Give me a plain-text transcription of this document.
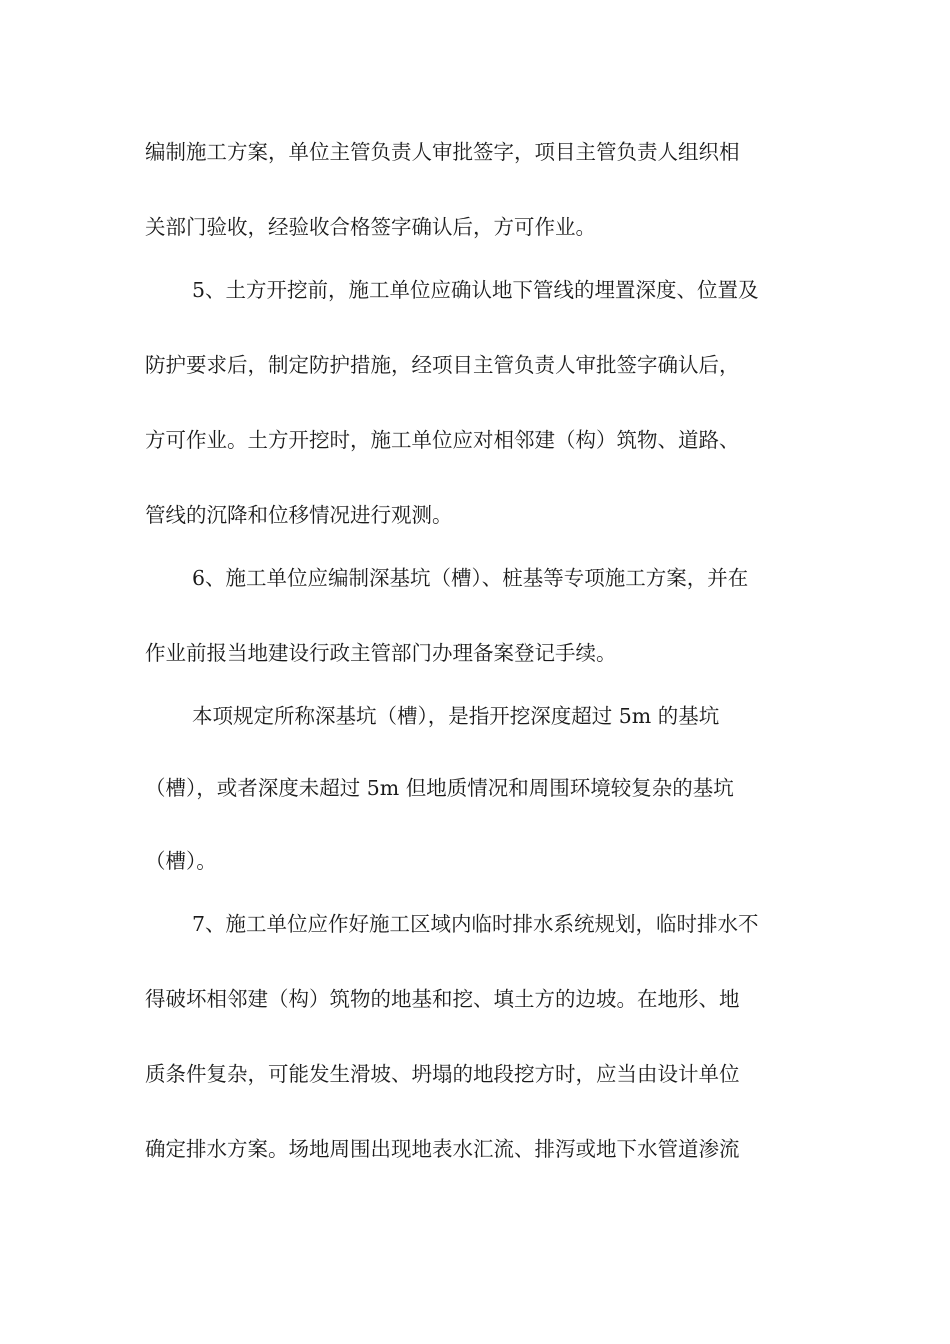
编制施工方案，单位主管负责人审批签字，项目主管负责人组织相
关部门验收，经验收合格签字确认后，方可作业。
5、土方开挖前，施工单位应确认地下管线的埋置深度、位置及
防护要求后，制定防护措施，经项目主管负责人审批签字确认后，
方可作业。土方开挖时，施工单位应对相邻建（构）筑物、道路、
管线的沉降和位移情况进行观测。
6、施工单位应编制深基坑（槽）、桩基等专项施工方案，并在
作业前报当地建设行政主管部门办理备案登记手续。
本项规定所称深基坑（槽），是指开挖深度超过 5m 的基坑
（槽），或者深度未超过 5m 但地质情况和周围环境较复杂的基坑
（槽）。
7、施工单位应作好施工区域内临时排水系统规划，临时排水不
得破坏相邻建（构）筑物的地基和挖、填土方的边坡。在地形、地
质条件复杂，可能发生滑坡、坍塌的地段挖方时，应当由设计单位
确定排水方案。场地周围出现地表水汇流、排泻或地下水管道渗流
